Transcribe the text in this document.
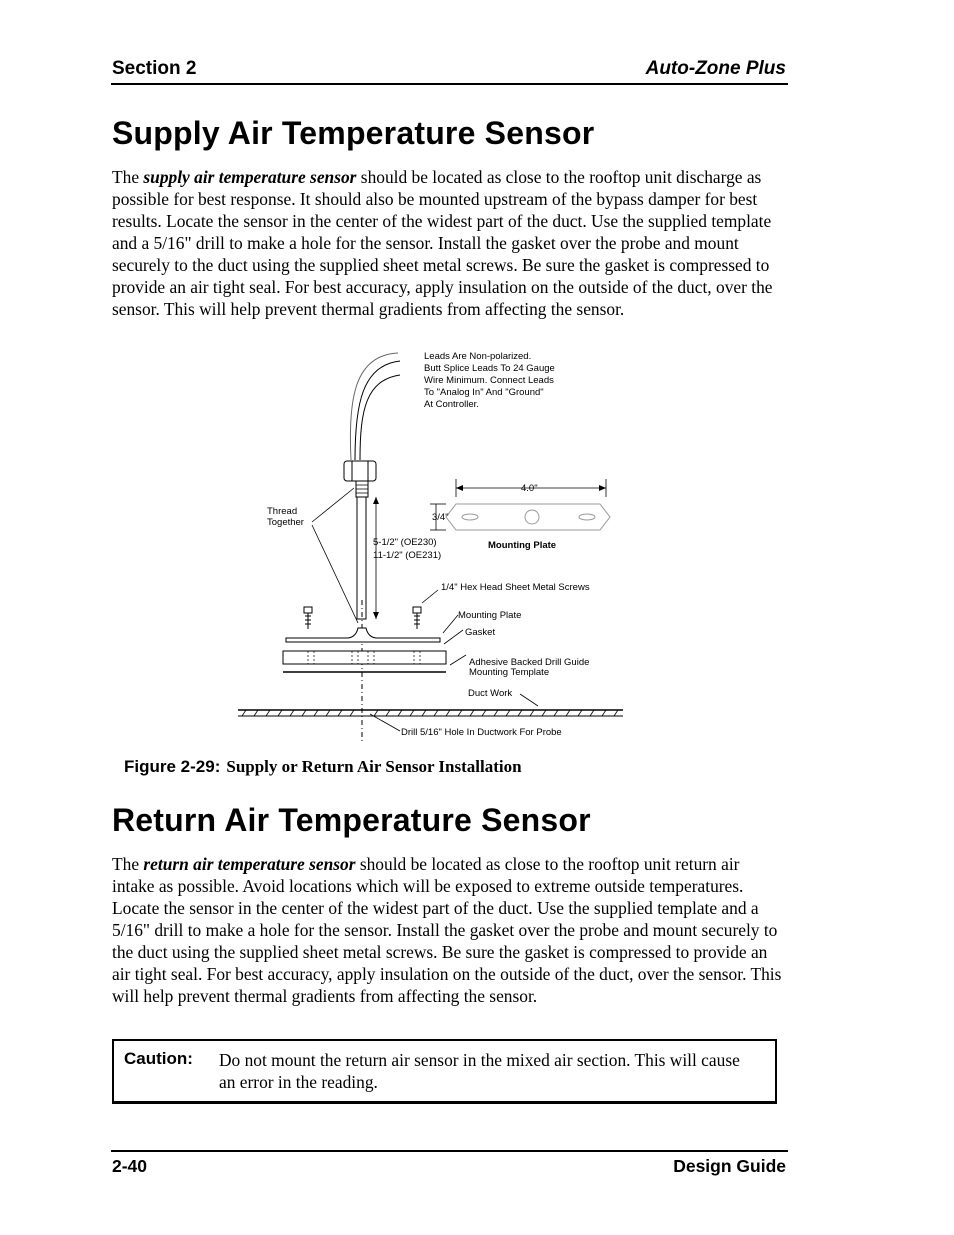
Section 2	Auto-Zone Plus
Supply Air Temperature Sensor

The supply air temperature sensor should be located as close to the rooftop unit discharge as possible for best response. It should also be mounted upstream of the bypass damper for best results. Locate the sensor in the center of the widest part of the duct. Use the supplied template and a 5/16" drill to make a hole for the sensor. Install the gasket over the probe and mount securely to the duct using the supplied sheet metal screws. Be sure the gasket is compressed to provide an air tight seal. For best accuracy, apply insulation on the outside of the duct, over the sensor. This will help prevent thermal gradients from affecting the sensor.

Leads Are Non-polarized. Butt Splice Leads To 24 Gauge Wire Minimum. Connect Leads To "Analog In" And "Ground" At Controller.
Thread Together
4.0"
3/4"
Mounting Plate
5-1/2" (OE230)
11-1/2" (OE231)
1/4" Hex Head Sheet Metal Screws
Mounting Plate
Gasket
Adhesive Backed Drill Guide
Mounting Template
Duct Work
Drill 5/16" Hole In Ductwork For Probe
Figure 2-29: Supply or Return Air Sensor Installation
Return Air Temperature Sensor

The return air temperature sensor should be located as close to the rooftop unit return air intake as possible. Avoid locations which will be exposed to extreme outside temperatures. Locate the sensor in the center of the widest part of the duct. Use the supplied template and a 5/16" drill to make a hole for the sensor. Install the gasket over the probe and mount securely to the duct using the supplied sheet metal screws. Be sure the gasket is compressed to provide an air tight seal. For best accuracy, apply insulation on the outside of the duct, over the sensor. This will help prevent thermal gradients from affecting the sensor.

Caution: Do not mount the return air sensor in the mixed air section. This will cause an error in the reading.
2-40	Design Guide
